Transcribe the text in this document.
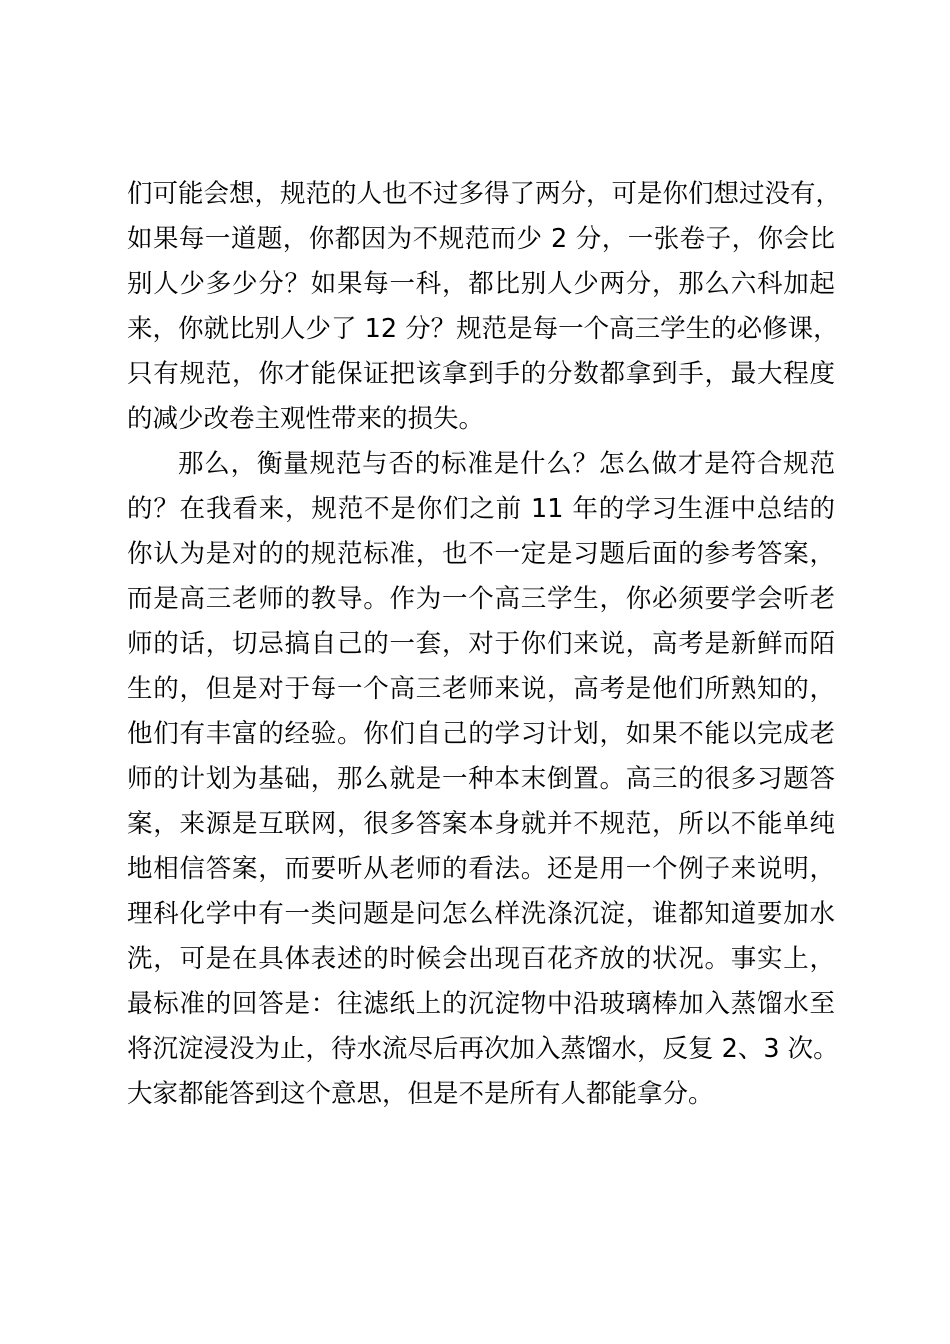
们可能会想，规范的人也不过多得了两分，可是你们想过没有，
如果每一道题，你都因为不规范而少 2 分，一张卷子，你会比
别人少多少分？如果每一科，都比别人少两分，那么六科加起
来，你就比别人少了 12 分？规范是每一个高三学生的必修课，
只有规范，你才能保证把该拿到手的分数都拿到手，最大程度
的减少改卷主观性带来的损失。
那么，衡量规范与否的标准是什么？怎么做才是符合规范
的？在我看来，规范不是你们之前 11 年的学习生涯中总结的
你认为是对的的规范标准，也不一定是习题后面的参考答案，
而是高三老师的教导。作为一个高三学生，你必须要学会听老
师的话，切忌搞自己的一套，对于你们来说，高考是新鲜而陌
生的，但是对于每一个高三老师来说，高考是他们所熟知的，
他们有丰富的经验。你们自己的学习计划，如果不能以完成老
师的计划为基础，那么就是一种本末倒置。高三的很多习题答
案，来源是互联网，很多答案本身就并不规范，所以不能单纯
地相信答案，而要听从老师的看法。还是用一个例子来说明，
理科化学中有一类问题是问怎么样洗涤沉淀，谁都知道要加水
洗，可是在具体表述的时候会出现百花齐放的状况。事实上，
最标准的回答是：往滤纸上的沉淀物中沿玻璃棒加入蒸馏水至
将沉淀浸没为止，待水流尽后再次加入蒸馏水，反复 2、3 次。
大家都能答到这个意思，但是不是所有人都能拿分。
